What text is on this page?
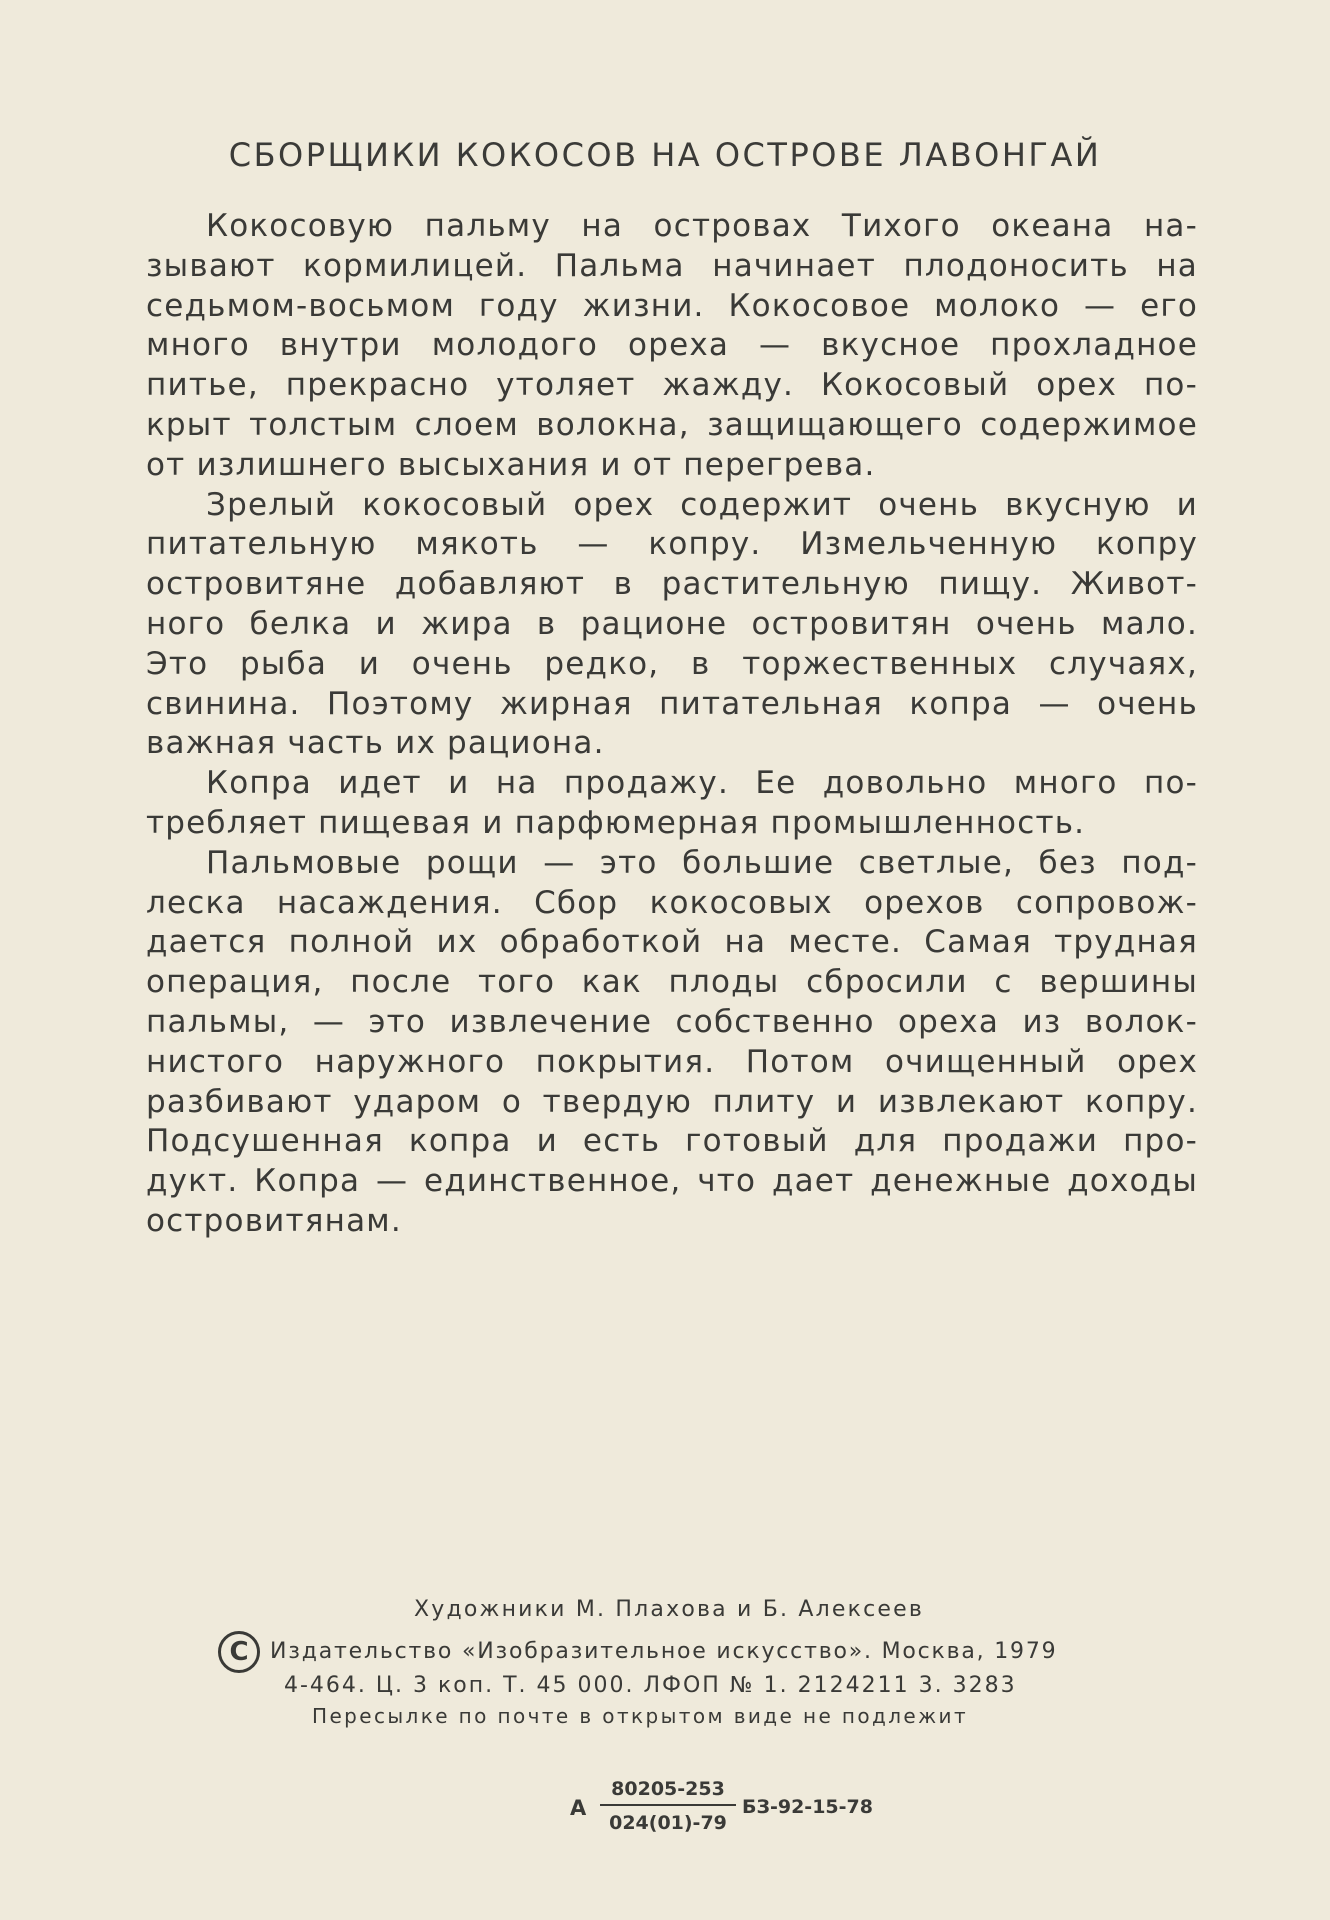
СБОРЩИКИ КОКОСОВ НА ОСТРОВЕ ЛАВОНГАЙ
Кокосовую пальму на островах Тихого океана на-
зывают кормилицей. Пальма начинает плодоносить на
седьмом-восьмом году жизни. Кокосовое молоко — его
много внутри молодого ореха — вкусное прохладное
питье, прекрасно утоляет жажду. Кокосовый орех по-
крыт толстым слоем волокна, защищающего содержимое
от излишнего высыхания и от перегрева.
Зрелый кокосовый орех содержит очень вкусную и
питательную мякоть — копру. Измельченную копру
островитяне добавляют в растительную пищу. Живот-
ного белка и жира в рационе островитян очень мало.
Это рыба и очень редко, в торжественных случаях,
свинина. Поэтому жирная питательная копра — очень
важная часть их рациона.
Копра идет и на продажу. Ее довольно много по-
требляет пищевая и парфюмерная промышленность.
Пальмовые рощи — это большие светлые, без под-
леска насаждения. Сбор кокосовых орехов сопровож-
дается полной их обработкой на месте. Самая трудная
операция, после того как плоды сбросили с вершины
пальмы, — это извлечение собственно ореха из волок-
нистого наружного покрытия. Потом очищенный орех
разбивают ударом о твердую плиту и извлекают копру.
Подсушенная копра и есть готовый для продажи про-
дукт. Копра — единственное, что дает денежные доходы
островитянам.
Художники М. Плахова и Б. Алексеев
C Издательство «Изобразительное искусство». Москва, 1979
4-464. Ц. 3 коп. Т. 45 000. ЛФОП № 1. 2124211 3. 3283
Пересылке по почте в открытом виде не подлежит
А
80205-253
024(01)-79
БЗ-92-15-78
